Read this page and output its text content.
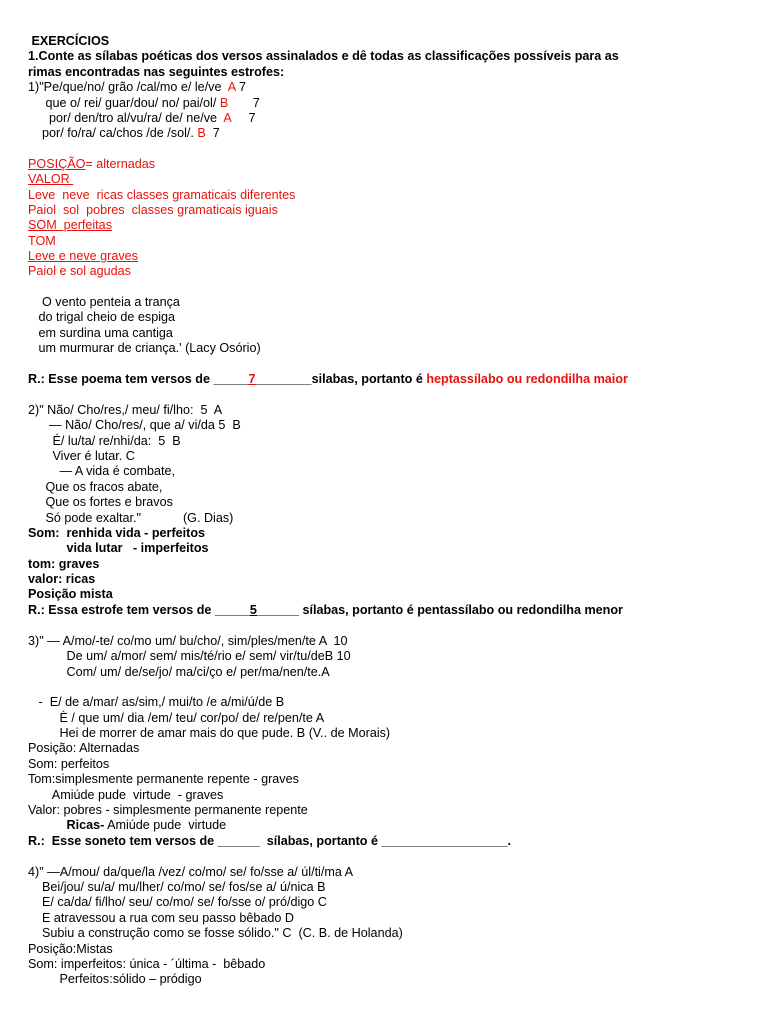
EXERCÍCIOS
1.Conte as sílabas poéticas dos versos assinalados e dê todas as classificações possíveis para as
rimas encontradas nas seguintes estrofes:
1)"Pe/que/no/ grão /cal/mo e/ le/ve  A 7
que o/ rei/ guar/dou/ no/ pai/ol/ B       7
por/ den/tro al/vu/ra/ de/ ne/ve  A     7
por/ fo/ra/ ca/chos /de /sol/. B  7
POSIÇÃO= alternadas
VALOR
Leve  neve  ricas classes gramaticais diferentes
Paiol  sol  pobres  classes gramaticais iguais
SOM  perfeitas
TOM
Leve e neve graves
Paiol e sol agudas
O vento penteia a trança
do trigal cheio de espiga
em surdina uma cantiga
um murmurar de criança.' (Lacy Osório)
R.: Esse poema tem versos de _____7________silabas, portanto é heptassílabo ou redondilha maior
2)" Não/ Cho/res,/ meu/ fi/lho:  5  A
— Não/ Cho/res/, que a/ vi/da 5  B
É/ lu/ta/ re/nhi/da:  5  B
Viver é lutar. C
— A vida é combate,
Que os fracos abate,
Que os fortes e bravos
Só pode exaltar."            (G. Dias)
Som:  renhida vida - perfeitos
vida lutar   - imperfeitos
tom: graves
valor: ricas
Posição mista
R.: Essa estrofe tem versos de _____5______ sílabas, portanto é pentassílabo ou redondilha menor
3)" — A/mo/-te/ co/mo um/ bu/cho/, sim/ples/men/te A  10
De um/ a/mor/ sem/ mis/té/rio e/ sem/ vir/tu/deB 10
Com/ um/ de/se/jo/ ma/ci/ço e/ per/ma/nen/te.A
-  E/ de a/mar/ as/sim,/ mui/to /e a/mi/ú/de B
È / que um/ dia /em/ teu/ cor/po/ de/ re/pen/te A
Hei de morrer de amar mais do que pude. B (V.. de Morais)
Posição: Alternadas
Som: perfeitos
Tom:simplesmente permanente repente - graves
Amiúde pude  virtude  - graves
Valor: pobres - simplesmente permanente repente
Ricas- Amiúde pude  virtude
R.:  Esse soneto tem versos de ______  sílabas, portanto é __________________.
4)" —A/mou/ da/que/la /vez/ co/mo/ se/ fo/sse a/ úl/ti/ma A
Bei/jou/ su/a/ mu/lher/ co/mo/ se/ fos/se a/ ú/nica B
E/ ca/da/ fi/lho/ seu/ co/mo/ se/ fo/sse o/ pró/digo C
E atravessou a rua com seu passo bêbado D
Subiu a construção como se fosse sólido." C  (C. B. de Holanda)
Posição:Mistas
Som: imperfeitos: única - ´última -  bêbado
Perfeitos:sólido – pródigo
